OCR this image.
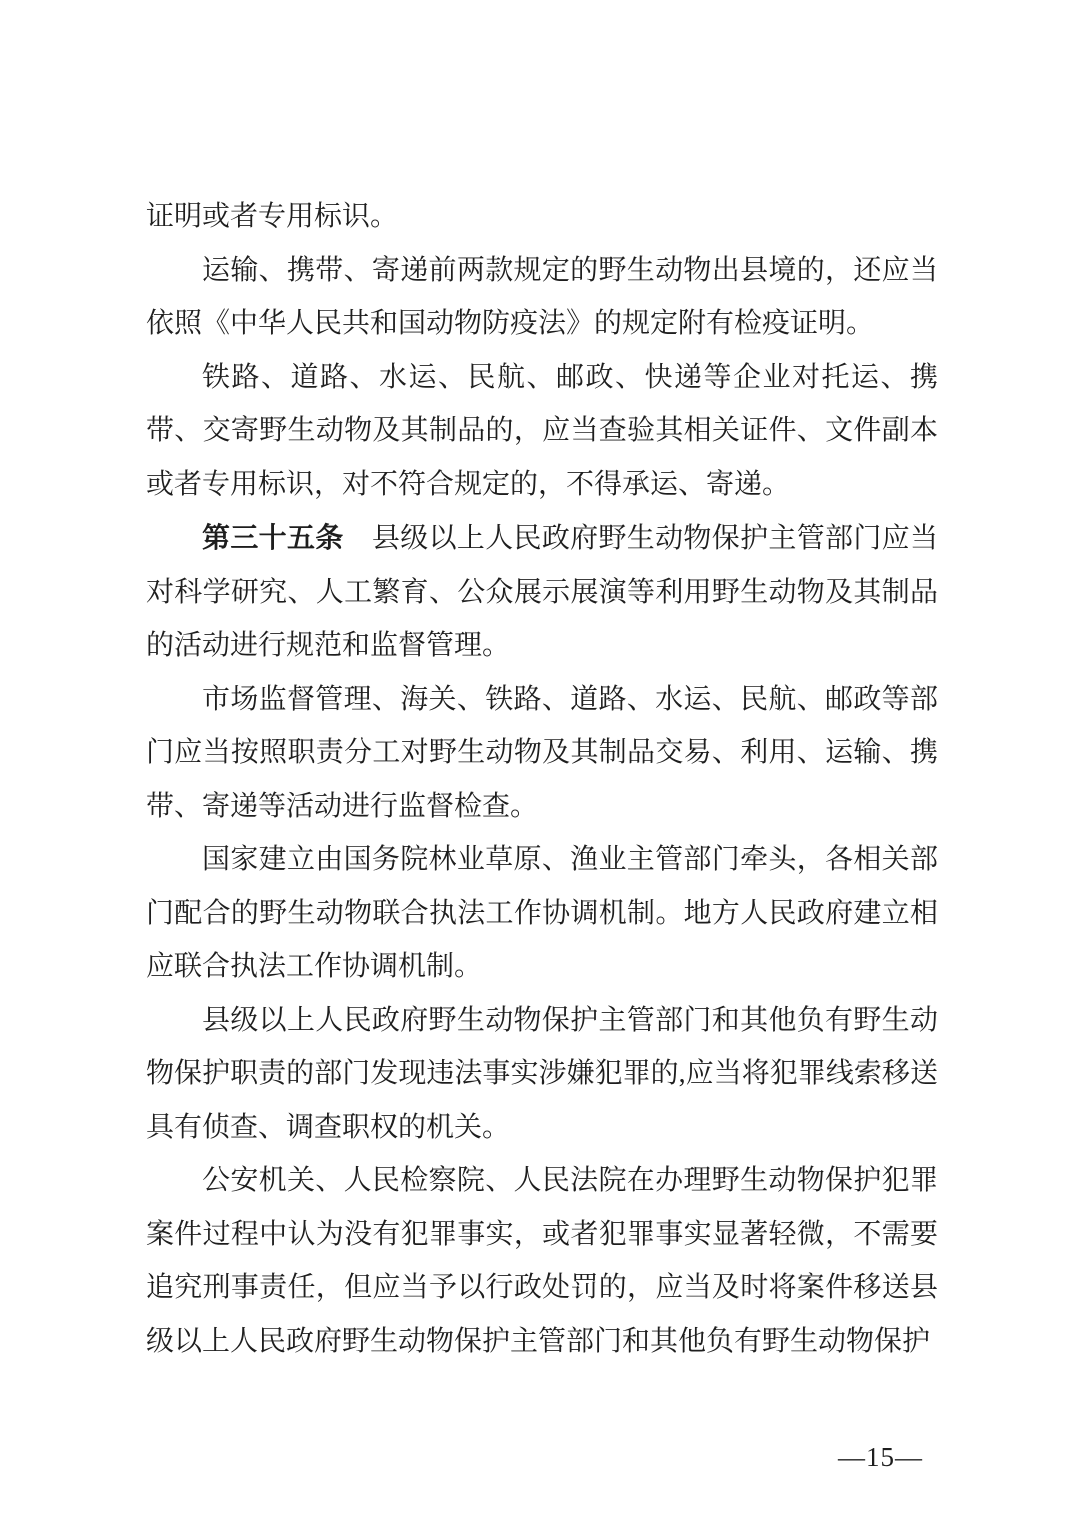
证明或者专用标识。

运输、携带、寄递前两款规定的野生动物出县境的，还应当依照《中华人民共和国动物防疫法》的规定附有检疫证明。

铁路、道路、水运、民航、邮政、快递等企业对托运、携带、交寄野生动物及其制品的，应当查验其相关证件、文件副本或者专用标识，对不符合规定的，不得承运、寄递。

第三十五条　县级以上人民政府野生动物保护主管部门应当对科学研究、人工繁育、公众展示展演等利用野生动物及其制品的活动进行规范和监督管理。

市场监督管理、海关、铁路、道路、水运、民航、邮政等部门应当按照职责分工对野生动物及其制品交易、利用、运输、携带、寄递等活动进行监督检查。

国家建立由国务院林业草原、渔业主管部门牵头，各相关部门配合的野生动物联合执法工作协调机制。地方人民政府建立相应联合执法工作协调机制。

县级以上人民政府野生动物保护主管部门和其他负有野生动物保护职责的部门发现违法事实涉嫌犯罪的,应当将犯罪线索移送具有侦查、调查职权的机关。

公安机关、人民检察院、人民法院在办理野生动物保护犯罪案件过程中认为没有犯罪事实，或者犯罪事实显著轻微，不需要追究刑事责任，但应当予以行政处罚的，应当及时将案件移送县级以上人民政府野生动物保护主管部门和其他负有野生动物保护

—15—
